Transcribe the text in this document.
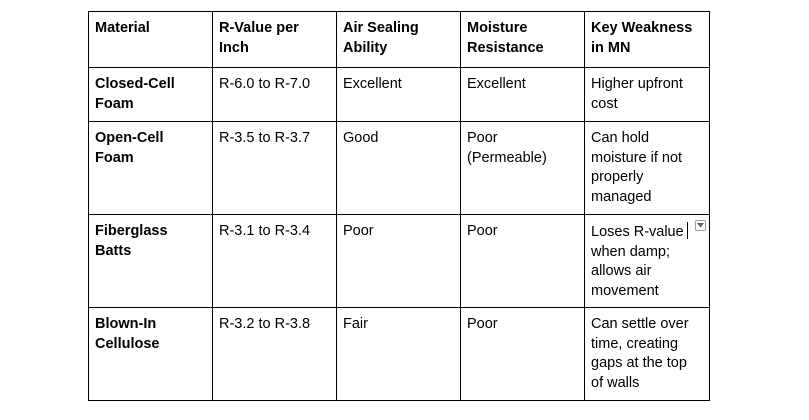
Material	R-Value per Inch	Air Sealing Ability	Moisture Resistance	Key Weakness in MN
Closed-Cell Foam	R-6.0 to R-7.0	Excellent	Excellent	Higher upfront cost
Open-Cell Foam	R-3.5 to R-3.7	Good	Poor (Permeable)	Can hold moisture if not properly managed
Fiberglass Batts	R-3.1 to R-3.4	Poor	Poor	Loses R-value when damp; allows air movement

Blown-In Cellulose	R-3.2 to R-3.8	Fair	Poor	Can settle over time, creating gaps at the top of walls
